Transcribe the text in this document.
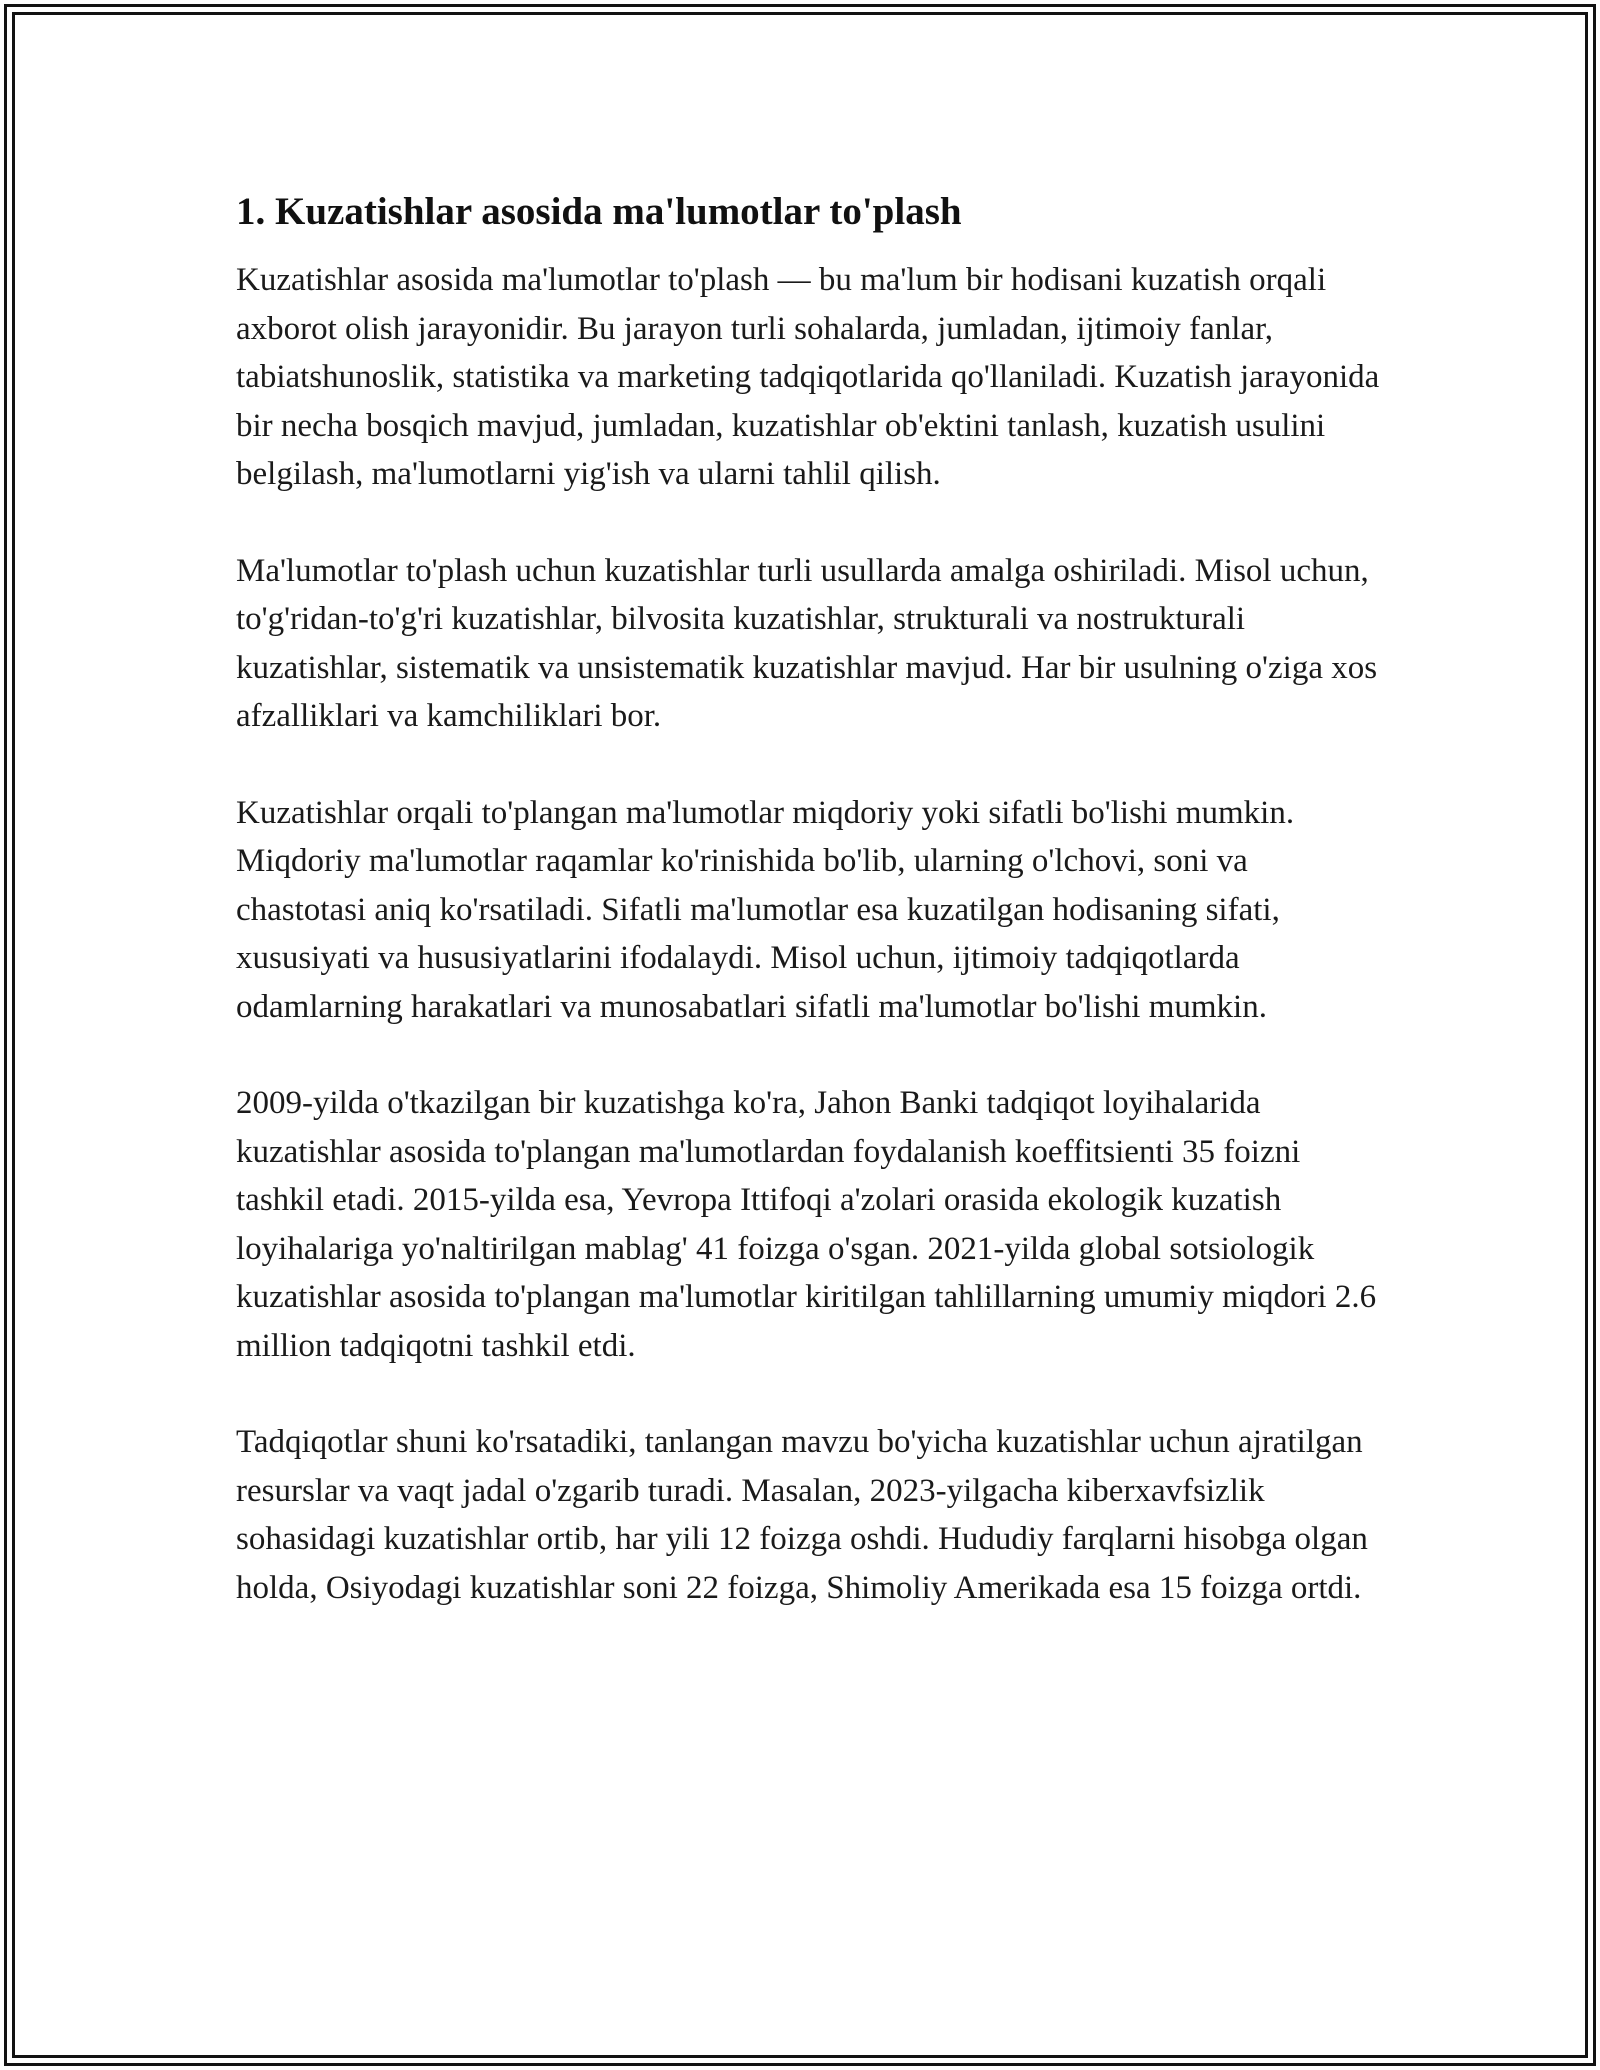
1. Kuzatishlar asosida ma'lumotlar to'plash

Kuzatishlar asosida ma'lumotlar to'plash — bu ma'lum bir hodisani kuzatish orqali axborot olish jarayonidir. Bu jarayon turli sohalarda, jumladan, ijtimoiy fanlar, tabiatshunoslik, statistika va marketing tadqiqotlarida qo'llaniladi. Kuzatish jarayonida bir necha bosqich mavjud, jumladan, kuzatishlar ob'ektini tanlash, kuzatish usulini belgilash, ma'lumotlarni yig'ish va ularni tahlil qilish.

Ma'lumotlar to'plash uchun kuzatishlar turli usullarda amalga oshiriladi. Misol uchun, to'g'ridan-to'g'ri kuzatishlar, bilvosita kuzatishlar, strukturali va nostrukturali kuzatishlar, sistematik va unsistematik kuzatishlar mavjud. Har bir usulning o'ziga xos afzalliklari va kamchiliklari bor.

Kuzatishlar orqali to'plangan ma'lumotlar miqdoriy yoki sifatli bo'lishi mumkin. Miqdoriy ma'lumotlar raqamlar ko'rinishida bo'lib, ularning o'lchovi, soni va chastotasi aniq ko'rsatiladi. Sifatli ma'lumotlar esa kuzatilgan hodisaning sifati, xususiyati va hususiyatlarini ifodalaydi. Misol uchun, ijtimoiy tadqiqotlarda odamlarning harakatlari va munosabatlari sifatli ma'lumotlar bo'lishi mumkin.

2009-yilda o'tkazilgan bir kuzatishga ko'ra, Jahon Banki tadqiqot loyihalarida kuzatishlar asosida to'plangan ma'lumotlardan foydalanish koeffitsienti 35 foizni tashkil etadi. 2015-yilda esa, Yevropa Ittifoqi a'zolari orasida ekologik kuzatish loyihalariga yo'naltirilgan mablag' 41 foizga o'sgan. 2021-yilda global sotsiologik kuzatishlar asosida to'plangan ma'lumotlar kiritilgan tahlillarning umumiy miqdori 2.6 million tadqiqotni tashkil etdi.

Tadqiqotlar shuni ko'rsatadiki, tanlangan mavzu bo'yicha kuzatishlar uchun ajratilgan resurslar va vaqt jadal o'zgarib turadi. Masalan, 2023-yilgacha kiberxavfsizlik sohasidagi kuzatishlar ortib, har yili 12 foizga oshdi. Hududiy farqlarni hisobga olgan holda, Osiyodagi kuzatishlar soni 22 foizga, Shimoliy Amerikada esa 15 foizga ortdi.
